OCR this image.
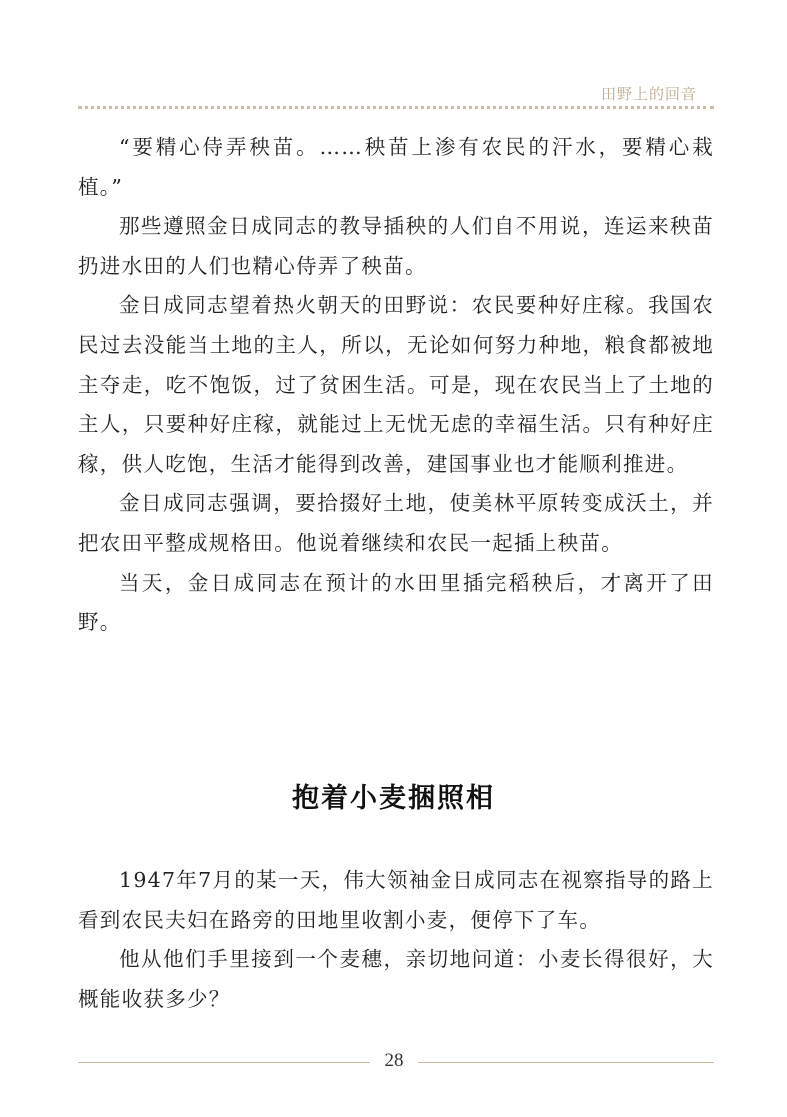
田野上的回音

“要精心侍弄秧苗。……秧苗上渗有农民的汗水，要精心栽植。”

那些遵照金日成同志的教导插秧的人们自不用说，连运来秧苗扔进水田的人们也精心侍弄了秧苗。

金日成同志望着热火朝天的田野说：农民要种好庄稼。我国农民过去没能当土地的主人，所以，无论如何努力种地，粮食都被地主夺走，吃不饱饭，过了贫困生活。可是，现在农民当上了土地的主人，只要种好庄稼，就能过上无忧无虑的幸福生活。只有种好庄稼，供人吃饱，生活才能得到改善，建国事业也才能顺利推进。

金日成同志强调，要拾掇好土地，使美林平原转变成沃土，并把农田平整成规格田。他说着继续和农民一起插上秧苗。

当天，金日成同志在预计的水田里插完稻秧后，才离开了田野。

抱着小麦捆照相

1947年7月的某一天，伟大领袖金日成同志在视察指导的路上看到农民夫妇在路旁的田地里收割小麦，便停下了车。

他从他们手里接到一个麦穗，亲切地问道：小麦长得很好，大概能收获多少？

28
